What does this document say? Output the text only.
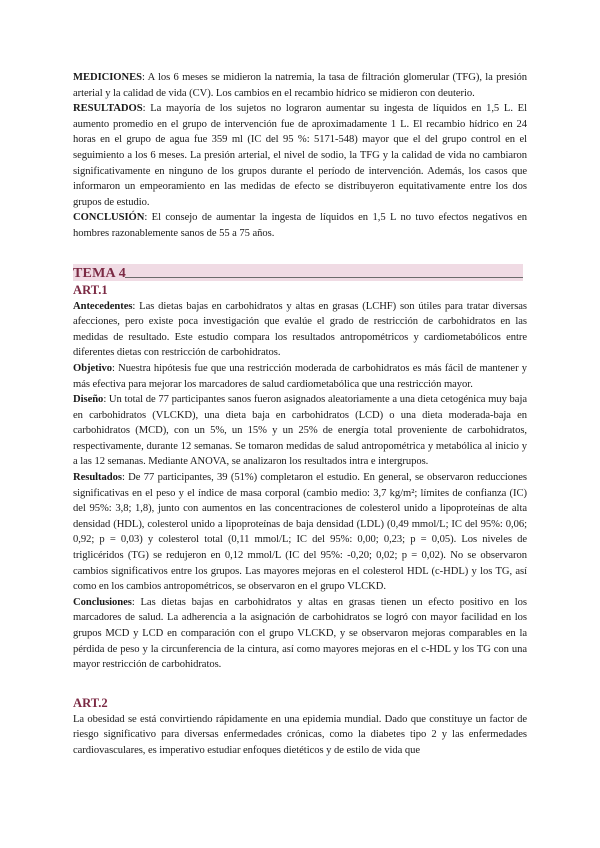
MEDICIONES: A los 6 meses se midieron la natremia, la tasa de filtración glomerular (TFG), la presión arterial y la calidad de vida (CV). Los cambios en el recambio hídrico se midieron con deuterio.

RESULTADOS: La mayoría de los sujetos no lograron aumentar su ingesta de líquidos en 1,5 L. El aumento promedio en el grupo de intervención fue de aproximadamente 1 L. El recambio hídrico en 24 horas en el grupo de agua fue 359 ml (IC del 95 %: 5171-548) mayor que el del grupo control en el seguimiento a los 6 meses. La presión arterial, el nivel de sodio, la TFG y la calidad de vida no cambiaron significativamente en ninguno de los grupos durante el período de intervención. Además, los casos que informaron un empeoramiento en las medidas de efecto se distribuyeron equitativamente entre los dos grupos de estudio.

CONCLUSIÓN: El consejo de aumentar la ingesta de líquidos en 1,5 L no tuvo efectos negativos en hombres razonablemente sanos de 55 a 75 años.

TEMA 4
ART.1

Antecedentes: Las dietas bajas en carbohidratos y altas en grasas (LCHF) son útiles para tratar diversas afecciones, pero existe poca investigación que evalúe el grado de restricción de carbohidratos en las medidas de resultado. Este estudio compara los resultados antropométricos y cardiometabólicos entre diferentes dietas con restricción de carbohidratos.

Objetivo: Nuestra hipótesis fue que una restricción moderada de carbohidratos es más fácil de mantener y más efectiva para mejorar los marcadores de salud cardiometabólica que una restricción mayor.

Diseño: Un total de 77 participantes sanos fueron asignados aleatoriamente a una dieta cetogénica muy baja en carbohidratos (VLCKD), una dieta baja en carbohidratos (LCD) o una dieta moderada-baja en carbohidratos (MCD), con un 5%, un 15% y un 25% de energía total proveniente de carbohidratos, respectivamente, durante 12 semanas. Se tomaron medidas de salud antropométrica y metabólica al inicio y a las 12 semanas. Mediante ANOVA, se analizaron los resultados intra e intergrupos.

Resultados: De 77 participantes, 39 (51%) completaron el estudio. En general, se observaron reducciones significativas en el peso y el índice de masa corporal (cambio medio: 3,7 kg/m²; límites de confianza (IC) del 95%: 3,8; 1,8), junto con aumentos en las concentraciones de colesterol unido a lipoproteínas de alta densidad (HDL), colesterol unido a lipoproteínas de baja densidad (LDL) (0,49 mmol/L; IC del 95%: 0,06; 0,92; p = 0,03) y colesterol total (0,11 mmol/L; IC del 95%: 0,00; 0,23; p = 0,05). Los niveles de triglicéridos (TG) se redujeron en 0,12 mmol/L (IC del 95%: -0,20; 0,02; p = 0,02). No se observaron cambios significativos entre los grupos. Las mayores mejoras en el colesterol HDL (c-HDL) y los TG, así como en los cambios antropométricos, se observaron en el grupo VLCKD.

Conclusiones: Las dietas bajas en carbohidratos y altas en grasas tienen un efecto positivo en los marcadores de salud. La adherencia a la asignación de carbohidratos se logró con mayor facilidad en los grupos MCD y LCD en comparación con el grupo VLCKD, y se observaron mejoras comparables en la pérdida de peso y la circunferencia de la cintura, así como mayores mejoras en el c-HDL y los TG con una mayor restricción de carbohidratos.

ART.2

La obesidad se está convirtiendo rápidamente en una epidemia mundial. Dado que constituye un factor de riesgo significativo para diversas enfermedades crónicas, como la diabetes tipo 2 y las enfermedades cardiovasculares, es imperativo estudiar enfoques dietéticos y de estilo de vida que
